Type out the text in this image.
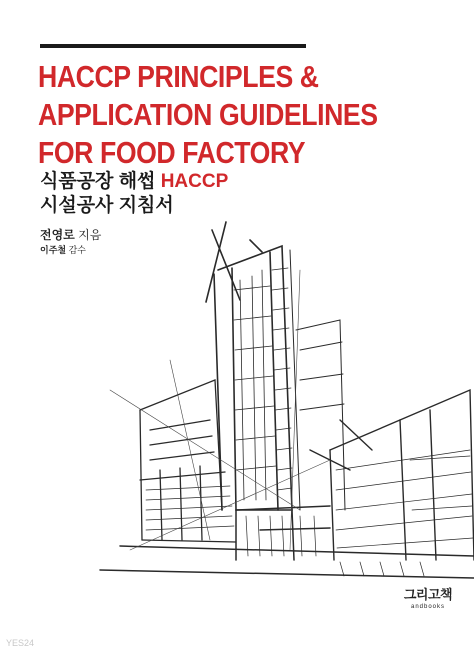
HACCP PRINCIPLES &
APPLICATION GUIDELINES
FOR FOOD FACTORY
식품공장 해썹 HACCP
시설공사 지침서
전영로 지음
이주철 감수
그리고책
andbooks
YES24
